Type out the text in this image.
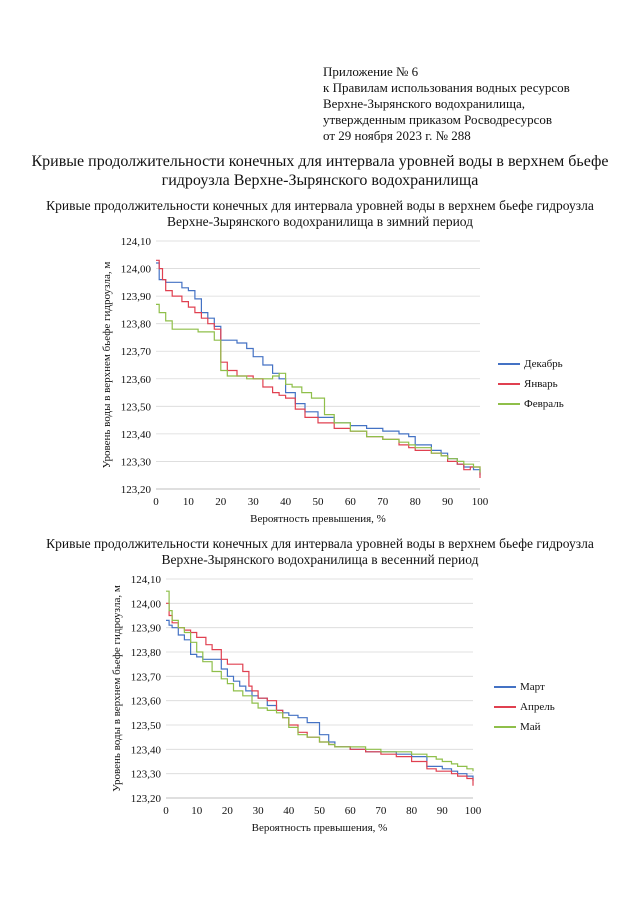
Приложение № 6
к Правилам использования водных ресурсов
Верхне-Зырянского водохранилища,
утвержденным приказом Росводресурсов
от 29 ноября 2023 г. № 288
Кривые продолжительности конечных для интервала уровней воды в верхнем бьефе
гидроузла Верхне-Зырянского водохранилища
Кривые продолжительности конечных для интервала уровней воды в верхнем бьефе гидроузла
Верхне-Зырянского водохранилища в зимний период
Кривые продолжительности конечных для интервала уровней воды в верхнем бьефе гидроузла
Верхне-Зырянского водохранилища в весенний период
124,10
124,00
123,90
123,80
123,70
123,60
123,50
123,40
123,30
123,20
0 10 20 30 40 50 60 70 80 90 100
Вероятность превышения, %
Уровень воды в верхнем бьефе гидроузла, м
124,10
124,00
123,90
123,80
123,70
123,60
123,50
123,40
123,30
123,20
0 10 20 30 40 50 60 70 80 90 100
Вероятность превышения, %
Уровень воды в верхнем бьефе гидроузла, м
Декабрь
Январь
Февраль
Март
Апрель
Май
